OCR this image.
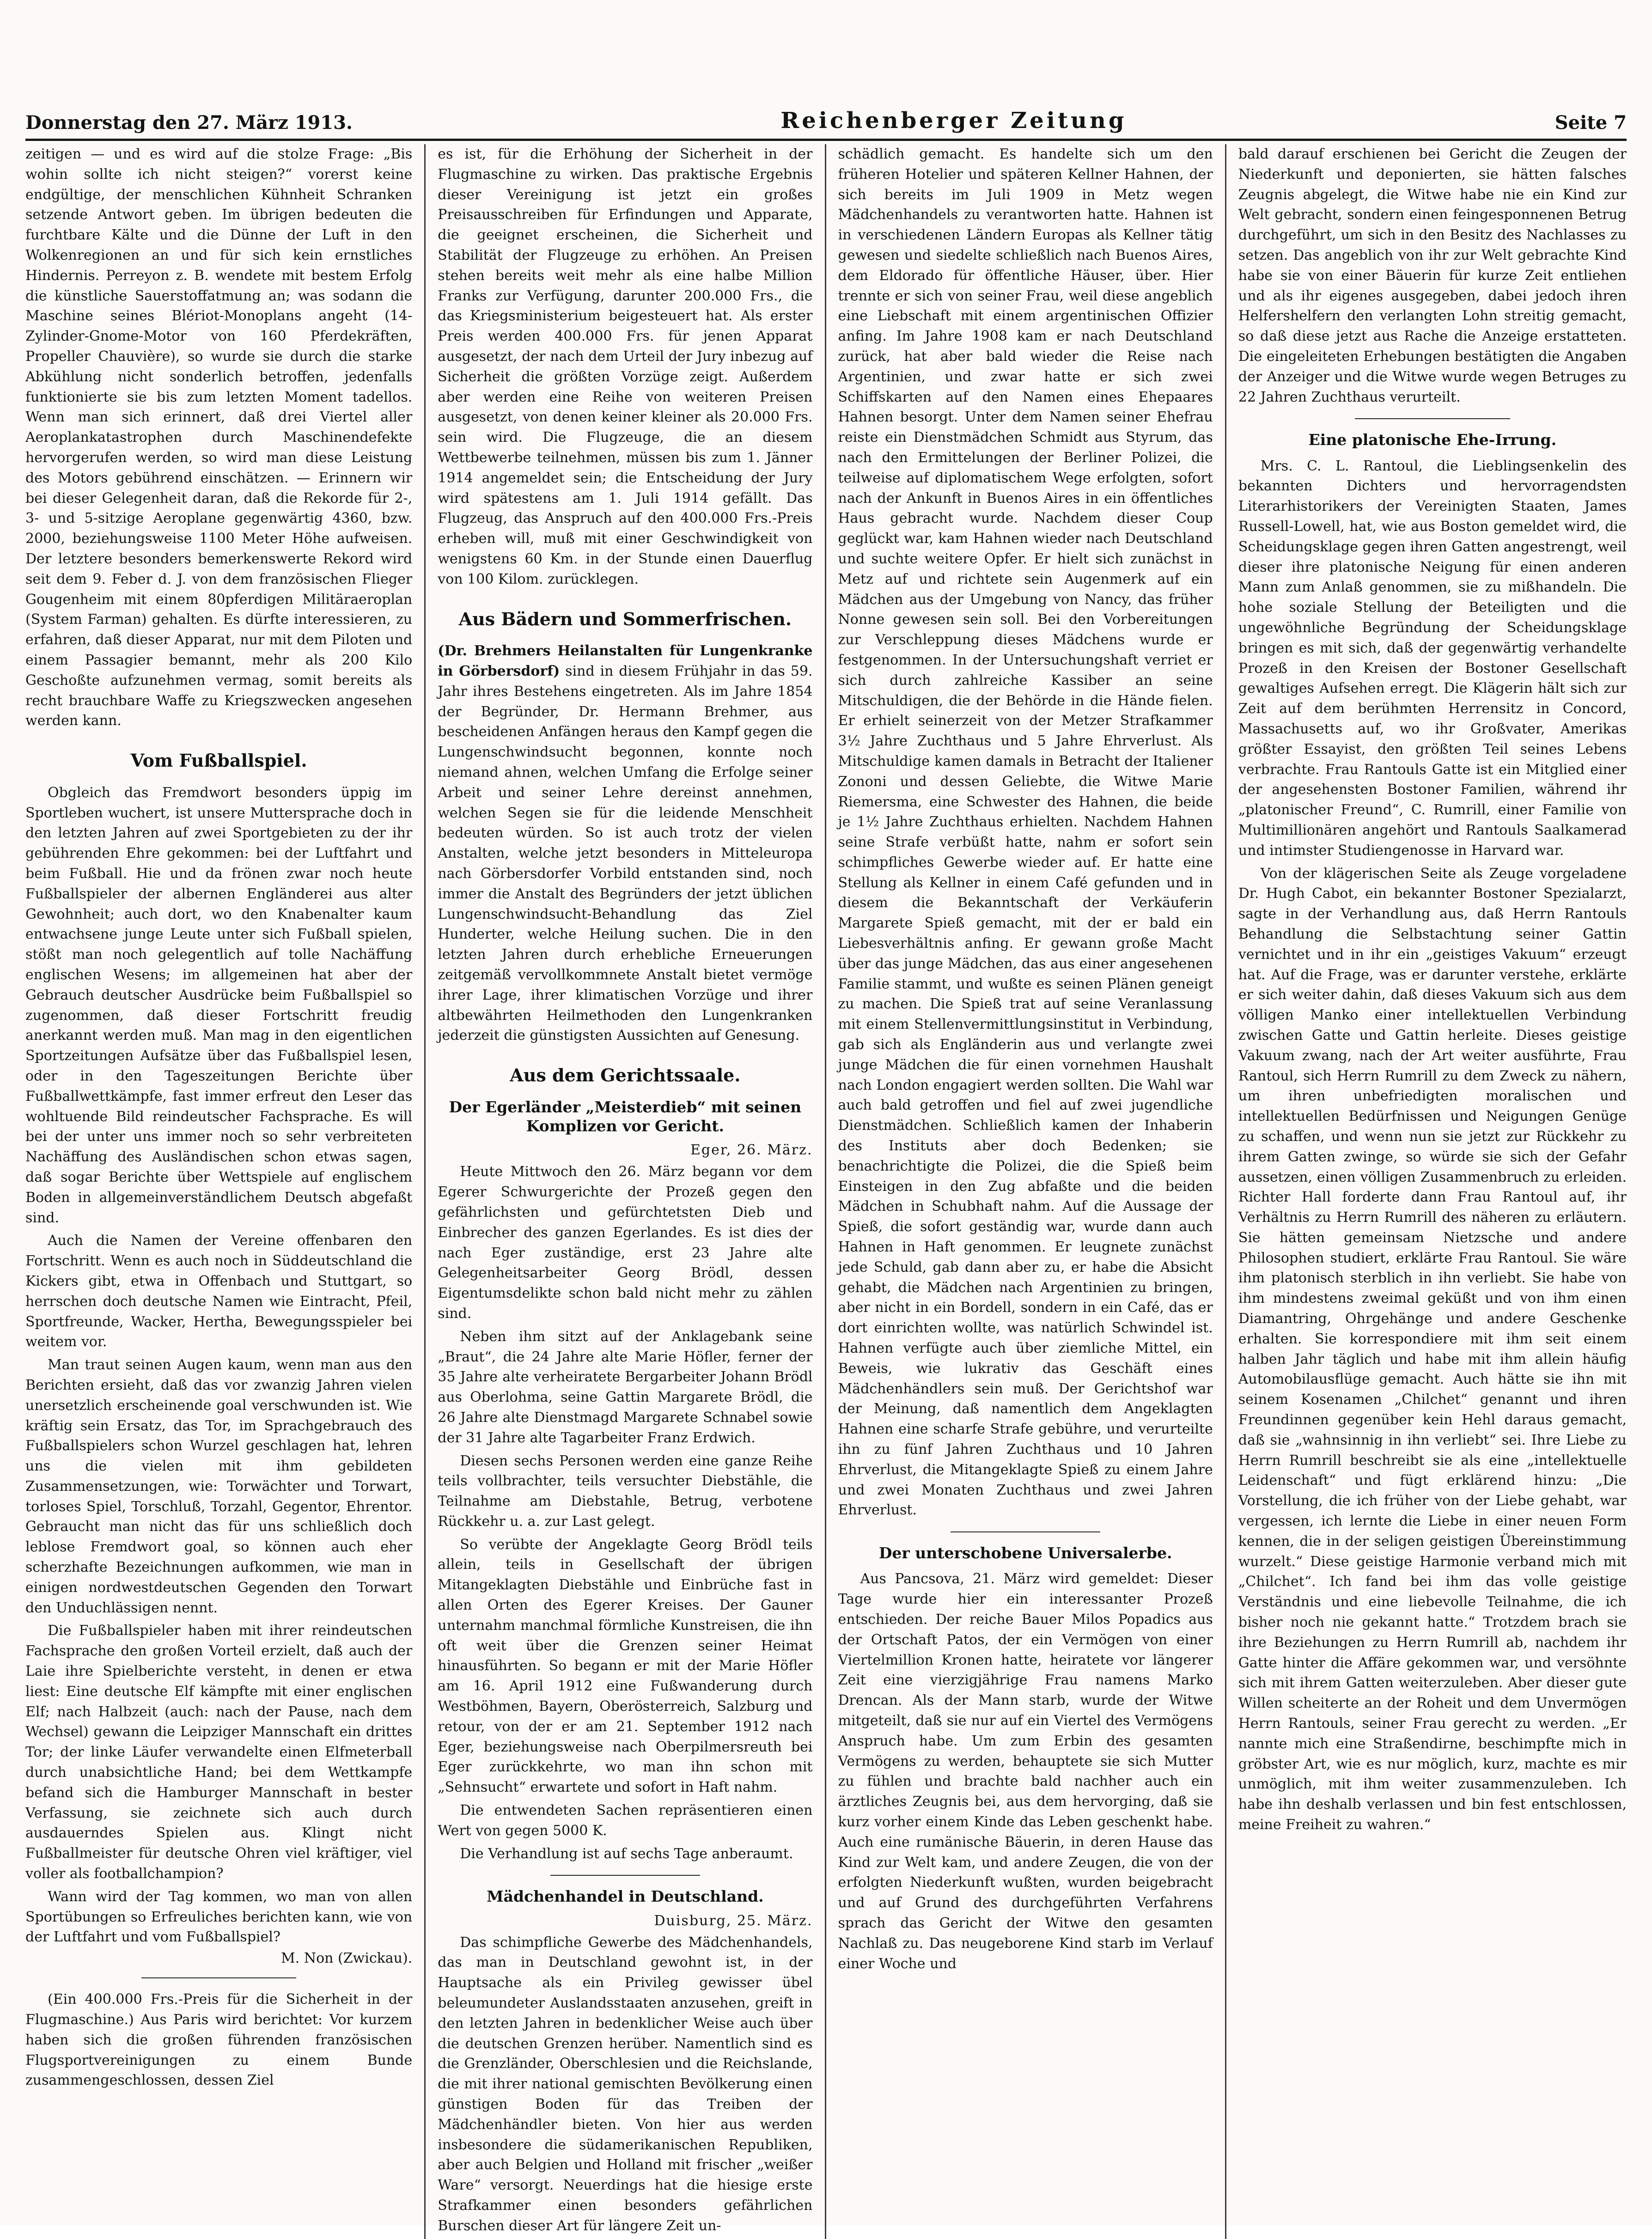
Donnerstag den 27. März 1913.	Reichenberger Zeitung	Seite 7

zeitigen — und es wird auf die stolze Frage: „Bis wohin sollte ich nicht steigen?“ vorerst keine endgültige, der menschlichen Kühnheit Schranken setzende Antwort geben. Im übrigen bedeuten die furchtbare Kälte und die Dünne der Luft in den Wolkenregionen an und für sich kein ernstliches Hindernis. Perreyon z. B. wendete mit bestem Erfolg die künstliche Sauerstoffatmung an; was sodann die Maschine seines Blériot-Monoplans angeht (14-Zylinder-Gnome-Motor von 160 Pferdekräften, Propeller Chauvière), so wurde sie durch die starke Abkühlung nicht sonderlich betroffen, jedenfalls funktionierte sie bis zum letzten Moment tadellos. Wenn man sich erinnert, daß drei Viertel aller Aeroplankatastrophen durch Maschinendefekte hervorgerufen werden, so wird man diese Leistung des Motors gebührend einschätzen. — Erinnern wir bei dieser Gelegenheit daran, daß die Rekorde für 2-, 3- und 5-sitzige Aeroplane gegenwärtig 4360, bzw. 2000, beziehungsweise 1100 Meter Höhe aufweisen. Der letztere besonders bemerkenswerte Rekord wird seit dem 9. Feber d. J. von dem französischen Flieger Gougenheim mit einem 80pferdigen Militäraeroplan (System Farman) gehalten. Es dürfte interessieren, zu erfahren, daß dieser Apparat, nur mit dem Piloten und einem Passagier bemannt, mehr als 200 Kilo Geschoßte aufzunehmen vermag, somit bereits als recht brauchbare Waffe zu Kriegszwecken angesehen werden kann.

Vom Fußballspiel.

Obgleich das Fremdwort besonders üppig im Sportleben wuchert, ist unsere Muttersprache doch in den letzten Jahren auf zwei Sportgebieten zu der ihr gebührenden Ehre gekommen: bei der Luftfahrt und beim Fußball. Hie und da frönen zwar noch heute Fußballspieler der albernen Engländerei aus alter Gewohnheit; auch dort, wo den Knabenalter kaum entwachsene junge Leute unter sich Fußball spielen, stößt man noch gelegentlich auf tolle Nachäffung englischen Wesens; im allgemeinen hat aber der Gebrauch deutscher Ausdrücke beim Fußballspiel so zugenommen, daß dieser Fortschritt freudig anerkannt werden muß. Man mag in den eigentlichen Sportzeitungen Aufsätze über das Fußballspiel lesen, oder in den Tageszeitungen Berichte über Fußballwettkämpfe, fast immer erfreut den Leser das wohltuende Bild reindeutscher Fachsprache. Es will bei der unter uns immer noch so sehr verbreiteten Nachäffung des Ausländischen schon etwas sagen, daß sogar Berichte über Wettspiele auf englischem Boden in allgemeinverständlichem Deutsch abgefaßt sind.

Auch die Namen der Vereine offenbaren den Fortschritt. Wenn es auch noch in Süddeutschland die Kickers gibt, etwa in Offenbach und Stuttgart, so herrschen doch deutsche Namen wie Eintracht, Pfeil, Sportfreunde, Wacker, Hertha, Bewegungsspieler bei weitem vor.

Man traut seinen Augen kaum, wenn man aus den Berichten ersieht, daß das vor zwanzig Jahren vielen unersetzlich erscheinende goal verschwunden ist. Wie kräftig sein Ersatz, das Tor, im Sprachgebrauch des Fußballspielers schon Wurzel geschlagen hat, lehren uns die vielen mit ihm gebildeten Zusammensetzungen, wie: Torwächter und Torwart, torloses Spiel, Torschluß, Torzahl, Gegentor, Ehrentor. Gebraucht man nicht das für uns schließlich doch leblose Fremdwort goal, so können auch eher scherzhafte Bezeichnungen aufkommen, wie man in einigen nordwestdeutschen Gegenden den Torwart den Unduchlässigen nennt.

Die Fußballspieler haben mit ihrer reindeutschen Fachsprache den großen Vorteil erzielt, daß auch der Laie ihre Spielberichte versteht, in denen er etwa liest: Eine deutsche Elf kämpfte mit einer englischen Elf; nach Halbzeit (auch: nach der Pause, nach dem Wechsel) gewann die Leipziger Mannschaft ein drittes Tor; der linke Läufer verwandelte einen Elfmeterball durch unabsichtliche Hand; bei dem Wettkampfe befand sich die Hamburger Mannschaft in bester Verfassung, sie zeichnete sich auch durch ausdauerndes Spielen aus. Klingt nicht Fußballmeister für deutsche Ohren viel kräftiger, viel voller als footballchampion?

Wann wird der Tag kommen, wo man von allen Sportübungen so Erfreuliches berichten kann, wie von der Luftfahrt und vom Fußballspiel?

M. Non (Zwickau).

(Ein 400.000 Frs.-Preis für die Sicherheit in der Flugmaschine.) Aus Paris wird berichtet: Vor kurzem haben sich die großen führenden französischen Flugsportvereinigungen zu einem Bunde zusammengeschlossen, dessen Ziel

es ist, für die Erhöhung der Sicherheit in der Flugmaschine zu wirken. Das praktische Ergebnis dieser Vereinigung ist jetzt ein großes Preisausschreiben für Erfindungen und Apparate, die geeignet erscheinen, die Sicherheit und Stabilität der Flugzeuge zu erhöhen. An Preisen stehen bereits weit mehr als eine halbe Million Franks zur Verfügung, darunter 200.000 Frs., die das Kriegsministerium beigesteuert hat. Als erster Preis werden 400.000 Frs. für jenen Apparat ausgesetzt, der nach dem Urteil der Jury inbezug auf Sicherheit die größten Vorzüge zeigt. Außerdem aber werden eine Reihe von weiteren Preisen ausgesetzt, von denen keiner kleiner als 20.000 Frs. sein wird. Die Flugzeuge, die an diesem Wettbewerbe teilnehmen, müssen bis zum 1. Jänner 1914 angemeldet sein; die Entscheidung der Jury wird spätestens am 1. Juli 1914 gefällt. Das Flugzeug, das Anspruch auf den 400.000 Frs.-Preis erheben will, muß mit einer Geschwindigkeit von wenigstens 60 Km. in der Stunde einen Dauerflug von 100 Kilom. zurücklegen.

Aus Bädern und Sommerfrischen.

(Dr. Brehmers Heilanstalten für Lungenkranke in Görbersdorf) sind in diesem Frühjahr in das 59. Jahr ihres Bestehens eingetreten. Als im Jahre 1854 der Begründer, Dr. Hermann Brehmer, aus bescheidenen Anfängen heraus den Kampf gegen die Lungenschwindsucht begonnen, konnte noch niemand ahnen, welchen Umfang die Erfolge seiner Arbeit und seiner Lehre dereinst annehmen, welchen Segen sie für die leidende Menschheit bedeuten würden. So ist auch trotz der vielen Anstalten, welche jetzt besonders in Mitteleuropa nach Görbersdorfer Vorbild entstanden sind, noch immer die Anstalt des Begründers der jetzt üblichen Lungenschwindsucht-Behandlung das Ziel Hunderter, welche Heilung suchen. Die in den letzten Jahren durch erhebliche Erneuerungen zeitgemäß vervollkommnete Anstalt bietet vermöge ihrer Lage, ihrer klimatischen Vorzüge und ihrer altbewährten Heilmethoden den Lungenkranken jederzeit die günstigsten Aussichten auf Genesung.

Aus dem Gerichtssaale.
Der Egerländer „Meisterdieb“ mit seinen Komplizen vor Gericht.
Eger, 26. März.

Heute Mittwoch den 26. März begann vor dem Egerer Schwurgerichte der Prozeß gegen den gefährlichsten und gefürchtetsten Dieb und Einbrecher des ganzen Egerlandes. Es ist dies der nach Eger zuständige, erst 23 Jahre alte Gelegenheitsarbeiter Georg Brödl, dessen Eigentumsdelikte schon bald nicht mehr zu zählen sind.

Neben ihm sitzt auf der Anklagebank seine „Braut“, die 24 Jahre alte Marie Höfler, ferner der 35 Jahre alte verheiratete Bergarbeiter Johann Brödl aus Oberlohma, seine Gattin Margarete Brödl, die 26 Jahre alte Dienstmagd Margarete Schnabel sowie der 31 Jahre alte Tagarbeiter Franz Erdwich.

Diesen sechs Personen werden eine ganze Reihe teils vollbrachter, teils versuchter Diebstähle, die Teilnahme am Diebstahle, Betrug, verbotene Rückkehr u. a. zur Last gelegt.

So verübte der Angeklagte Georg Brödl teils allein, teils in Gesellschaft der übrigen Mitangeklagten Diebstähle und Einbrüche fast in allen Orten des Egerer Kreises. Der Gauner unternahm manchmal förmliche Kunstreisen, die ihn oft weit über die Grenzen seiner Heimat hinausführten. So begann er mit der Marie Höfler am 16. April 1912 eine Fußwanderung durch Westböhmen, Bayern, Oberösterreich, Salzburg und retour, von der er am 21. September 1912 nach Eger, beziehungsweise nach Oberpilmersreuth bei Eger zurückkehrte, wo man ihn schon mit „Sehnsucht“ erwartete und sofort in Haft nahm.

Die entwendeten Sachen repräsentieren einen Wert von gegen 5000 K.

Die Verhandlung ist auf sechs Tage anberaumt.

Mädchenhandel in Deutschland.
Duisburg, 25. März.

Das schimpfliche Gewerbe des Mädchenhandels, das man in Deutschland gewohnt ist, in der Hauptsache als ein Privileg gewisser übel beleumundeter Auslandsstaaten anzusehen, greift in den letzten Jahren in bedenklicher Weise auch über die deutschen Grenzen herüber. Namentlich sind es die Grenzländer, Oberschlesien und die Reichslande, die mit ihrer national gemischten Bevölkerung einen günstigen Boden für das Treiben der Mädchenhändler bieten. Von hier aus werden insbesondere die südamerikanischen Republiken, aber auch Belgien und Holland mit frischer „weißer Ware“ versorgt. Neuerdings hat die hiesige erste Strafkammer einen besonders gefährlichen Burschen dieser Art für längere Zeit un-

schädlich gemacht. Es handelte sich um den früheren Hotelier und späteren Kellner Hahnen, der sich bereits im Juli 1909 in Metz wegen Mädchenhandels zu verantworten hatte. Hahnen ist in verschiedenen Ländern Europas als Kellner tätig gewesen und siedelte schließlich nach Buenos Aires, dem Eldorado für öffentliche Häuser, über. Hier trennte er sich von seiner Frau, weil diese angeblich eine Liebschaft mit einem argentinischen Offizier anfing. Im Jahre 1908 kam er nach Deutschland zurück, hat aber bald wieder die Reise nach Argentinien, und zwar hatte er sich zwei Schiffskarten auf den Namen eines Ehepaares Hahnen besorgt. Unter dem Namen seiner Ehefrau reiste ein Dienstmädchen Schmidt aus Styrum, das nach den Ermittelungen der Berliner Polizei, die teilweise auf diplomatischem Wege erfolgten, sofort nach der Ankunft in Buenos Aires in ein öffentliches Haus gebracht wurde. Nachdem dieser Coup geglückt war, kam Hahnen wieder nach Deutschland und suchte weitere Opfer. Er hielt sich zunächst in Metz auf und richtete sein Augenmerk auf ein Mädchen aus der Umgebung von Nancy, das früher Nonne gewesen sein soll. Bei den Vorbereitungen zur Verschleppung dieses Mädchens wurde er festgenommen. In der Untersuchungshaft verriet er sich durch zahlreiche Kassiber an seine Mitschuldigen, die der Behörde in die Hände fielen. Er erhielt seinerzeit von der Metzer Strafkammer 3½ Jahre Zuchthaus und 5 Jahre Ehrverlust. Als Mitschuldige kamen damals in Betracht der Italiener Zononi und dessen Geliebte, die Witwe Marie Riemersma, eine Schwester des Hahnen, die beide je 1½ Jahre Zuchthaus erhielten. Nachdem Hahnen seine Strafe verbüßt hatte, nahm er sofort sein schimpfliches Gewerbe wieder auf. Er hatte eine Stellung als Kellner in einem Café gefunden und in diesem die Bekanntschaft der Verkäuferin Margarete Spieß gemacht, mit der er bald ein Liebesverhältnis anfing. Er gewann große Macht über das junge Mädchen, das aus einer angesehenen Familie stammt, und wußte es seinen Plänen geneigt zu machen. Die Spieß trat auf seine Veranlassung mit einem Stellenvermittlungsinstitut in Verbindung, gab sich als Engländerin aus und verlangte zwei junge Mädchen die für einen vornehmen Haushalt nach London engagiert werden sollten. Die Wahl war auch bald getroffen und fiel auf zwei jugendliche Dienstmädchen. Schließlich kamen der Inhaberin des Instituts aber doch Bedenken; sie benachrichtigte die Polizei, die die Spieß beim Einsteigen in den Zug abfaßte und die beiden Mädchen in Schubhaft nahm. Auf die Aussage der Spieß, die sofort geständig war, wurde dann auch Hahnen in Haft genommen. Er leugnete zunächst jede Schuld, gab dann aber zu, er habe die Absicht gehabt, die Mädchen nach Argentinien zu bringen, aber nicht in ein Bordell, sondern in ein Café, das er dort einrichten wollte, was natürlich Schwindel ist. Hahnen verfügte auch über ziemliche Mittel, ein Beweis, wie lukrativ das Geschäft eines Mädchenhändlers sein muß. Der Gerichtshof war der Meinung, daß namentlich dem Angeklagten Hahnen eine scharfe Strafe gebühre, und verurteilte ihn zu fünf Jahren Zuchthaus und 10 Jahren Ehrverlust, die Mitangeklagte Spieß zu einem Jahre und zwei Monaten Zuchthaus und zwei Jahren Ehrverlust.

Der unterschobene Universalerbe.

Aus Pancsova, 21. März wird gemeldet: Dieser Tage wurde hier ein interessanter Prozeß entschieden. Der reiche Bauer Milos Popadics aus der Ortschaft Patos, der ein Vermögen von einer Viertelmillion Kronen hatte, heiratete vor längerer Zeit eine vierzigjährige Frau namens Marko Drencan. Als der Mann starb, wurde der Witwe mitgeteilt, daß sie nur auf ein Viertel des Vermögens Anspruch habe. Um zum Erbin des gesamten Vermögens zu werden, behauptete sie sich Mutter zu fühlen und brachte bald nachher auch ein ärztliches Zeugnis bei, aus dem hervorging, daß sie kurz vorher einem Kinde das Leben geschenkt habe. Auch eine rumänische Bäuerin, in deren Hause das Kind zur Welt kam, und andere Zeugen, die von der erfolgten Niederkunft wußten, wurden beigebracht und auf Grund des durchgeführten Verfahrens sprach das Gericht der Witwe den gesamten Nachlaß zu. Das neugeborene Kind starb im Verlauf einer Woche und

bald darauf erschienen bei Gericht die Zeugen der Niederkunft und deponierten, sie hätten falsches Zeugnis abgelegt, die Witwe habe nie ein Kind zur Welt gebracht, sondern einen feingesponnenen Betrug durchgeführt, um sich in den Besitz des Nachlasses zu setzen. Das angeblich von ihr zur Welt gebrachte Kind habe sie von einer Bäuerin für kurze Zeit entliehen und als ihr eigenes ausgegeben, dabei jedoch ihren Helfershelfern den verlangten Lohn streitig gemacht, so daß diese jetzt aus Rache die Anzeige erstatteten. Die eingeleiteten Erhebungen bestätigten die Angaben der Anzeiger und die Witwe wurde wegen Betruges zu 22 Jahren Zuchthaus verurteilt.

Eine platonische Ehe-Irrung.

Mrs. C. L. Rantoul, die Lieblingsenkelin des bekannten Dichters und hervorragendsten Literarhistorikers der Vereinigten Staaten, James Russell-Lowell, hat, wie aus Boston gemeldet wird, die Scheidungsklage gegen ihren Gatten angestrengt, weil dieser ihre platonische Neigung für einen anderen Mann zum Anlaß genommen, sie zu mißhandeln. Die hohe soziale Stellung der Beteiligten und die ungewöhnliche Begründung der Scheidungsklage bringen es mit sich, daß der gegenwärtig verhandelte Prozeß in den Kreisen der Bostoner Gesellschaft gewaltiges Aufsehen erregt. Die Klägerin hält sich zur Zeit auf dem berühmten Herrensitz in Concord, Massachusetts auf, wo ihr Großvater, Amerikas größter Essayist, den größten Teil seines Lebens verbrachte. Frau Rantouls Gatte ist ein Mitglied einer der angesehensten Bostoner Familien, während ihr „platonischer Freund“, C. Rumrill, einer Familie von Multimillionären angehört und Rantouls Saalkamerad und intimster Studiengenosse in Harvard war.

Von der klägerischen Seite als Zeuge vorgeladene Dr. Hugh Cabot, ein bekannter Bostoner Spezialarzt, sagte in der Verhandlung aus, daß Herrn Rantouls Behandlung die Selbstachtung seiner Gattin vernichtet und in ihr ein „geistiges Vakuum“ erzeugt hat. Auf die Frage, was er darunter verstehe, erklärte er sich weiter dahin, daß dieses Vakuum sich aus dem völligen Manko einer intellektuellen Verbindung zwischen Gatte und Gattin herleite. Dieses geistige Vakuum zwang, nach der Art weiter ausführte, Frau Rantoul, sich Herrn Rumrill zu dem Zweck zu nähern, um ihren unbefriedigten moralischen und intellektuellen Bedürfnissen und Neigungen Genüge zu schaffen, und wenn nun sie jetzt zur Rückkehr zu ihrem Gatten zwinge, so würde sie sich der Gefahr aussetzen, einen völligen Zusammenbruch zu erleiden. Richter Hall forderte dann Frau Rantoul auf, ihr Verhältnis zu Herrn Rumrill des näheren zu erläutern. Sie hätten gemeinsam Nietzsche und andere Philosophen studiert, erklärte Frau Rantoul. Sie wäre ihm platonisch sterblich in ihn verliebt. Sie habe von ihm mindestens zweimal geküßt und von ihm einen Diamantring, Ohrgehänge und andere Geschenke erhalten. Sie korrespondiere mit ihm seit einem halben Jahr täglich und habe mit ihm allein häufig Automobilausflüge gemacht. Auch hätte sie ihn mit seinem Kosenamen „Chilchet“ genannt und ihren Freundinnen gegenüber kein Hehl daraus gemacht, daß sie „wahnsinnig in ihn verliebt“ sei. Ihre Liebe zu Herrn Rumrill beschreibt sie als eine „intellektuelle Leidenschaft“ und fügt erklärend hinzu: „Die Vorstellung, die ich früher von der Liebe gehabt, war vergessen, ich lernte die Liebe in einer neuen Form kennen, die in der seligen geistigen Übereinstimmung wurzelt.“ Diese geistige Harmonie verband mich mit „Chilchet“. Ich fand bei ihm das volle geistige Verständnis und eine liebevolle Teilnahme, die ich bisher noch nie gekannt hatte.“ Trotzdem brach sie ihre Beziehungen zu Herrn Rumrill ab, nachdem ihr Gatte hinter die Affäre gekommen war, und versöhnte sich mit ihrem Gatten weiterzuleben. Aber dieser gute Willen scheiterte an der Roheit und dem Unvermögen Herrn Rantouls, seiner Frau gerecht zu werden. „Er nannte mich eine Straßendirne, beschimpfte mich in gröbster Art, wie es nur möglich, kurz, machte es mir unmöglich, mit ihm weiter zusammenzuleben. Ich habe ihn deshalb verlassen und bin fest entschlossen, meine Freiheit zu wahren.“
